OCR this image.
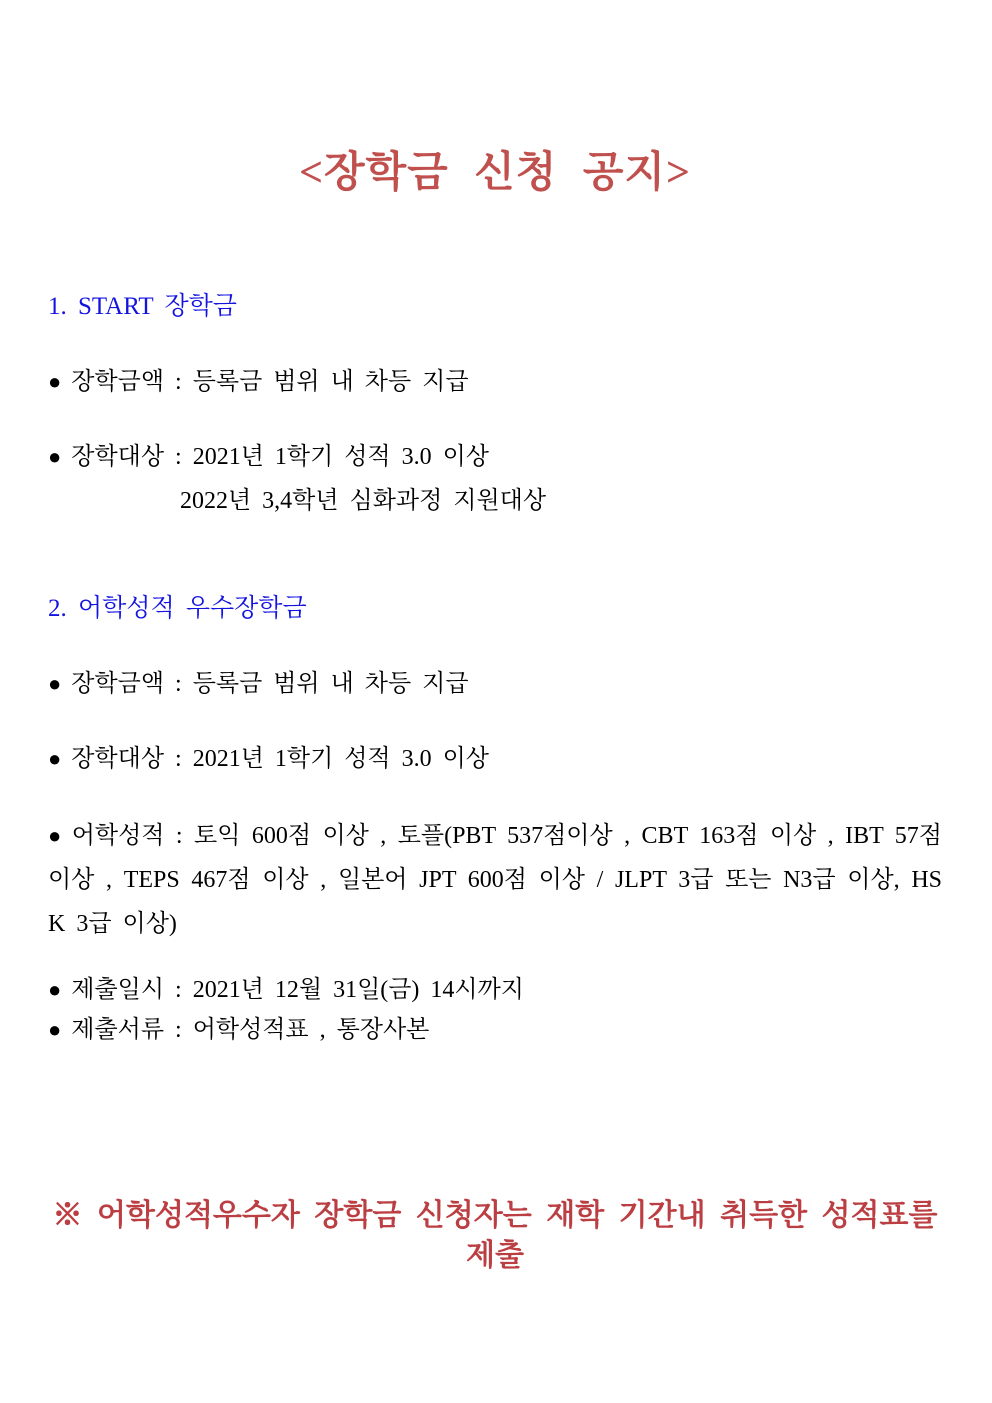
<장학금 신청 공지>
1. START 장학금
● 장학금액 : 등록금 범위 내 차등 지급
● 장학대상 : 2021년 1학기 성적 3.0 이상
2022년 3,4학년 심화과정 지원대상
2. 어학성적 우수장학금
● 장학금액 : 등록금 범위 내 차등 지급
● 장학대상 : 2021년 1학기 성적 3.0 이상
● 어학성적 : 토익 600점 이상 , 토플(PBT 537점이상 , CBT 163점 이상 , IBT 57점 이상 , TEPS 467점 이상 , 일본어 JPT 600점 이상 / JLPT 3급 또는 N3급 이상, HSK 3급 이상)
● 제출일시 : 2021년 12월 31일(금) 14시까지
● 제출서류 : 어학성적표 , 통장사본
※ 어학성적우수자 장학금 신청자는 재학 기간내 취득한 성적표를 제출
